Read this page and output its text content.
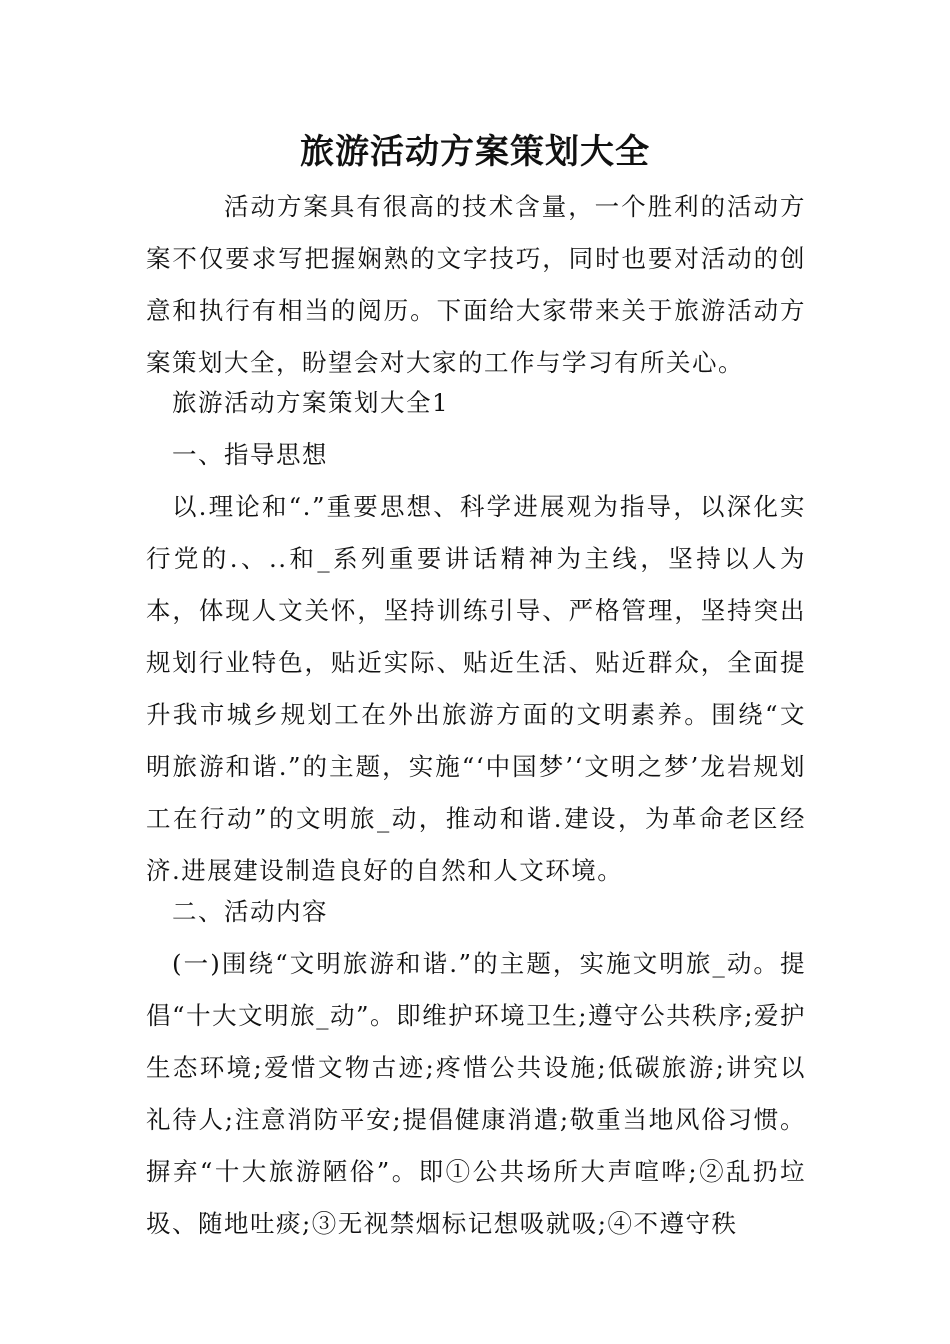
旅游活动方案策划大全
活动方案具有很高的技术含量，一个胜利的活动方案不仅要求写把握娴熟的文字技巧，同时也要对活动的创意和执行有相当的阅历。下面给大家带来关于旅游活动方案策划大全，盼望会对大家的工作与学习有所关心。
旅游活动方案策划大全1
一、指导思想
以.理论和“.”重要思想、科学进展观为指导，以深化实行党的.、..和_系列重要讲话精神为主线，坚持以人为本，体现人文关怀，坚持训练引导、严格管理，坚持突出规划行业特色，贴近实际、贴近生活、贴近群众，全面提升我市城乡规划工在外出旅游方面的文明素养。围绕“文明旅游和谐.”的主题，实施“‘中国梦’‘文明之梦’龙岩规划工在行动”的文明旅_动，推动和谐.建设，为革命老区经济.进展建设制造良好的自然和人文环境。
二、活动内容
(一)围绕“文明旅游和谐.”的主题，实施文明旅_动。提倡“十大文明旅_动”。即维护环境卫生;遵守公共秩序;爱护生态环境;爱惜文物古迹;疼惜公共设施;低碳旅游;讲究以礼待人;注意消防平安;提倡健康消遣;敬重当地风俗习惯。摒弃“十大旅游陋俗”。即①公共场所大声喧哗;②乱扔垃圾、随地吐痰;③无视禁烟标记想吸就吸;④不遵守秩
